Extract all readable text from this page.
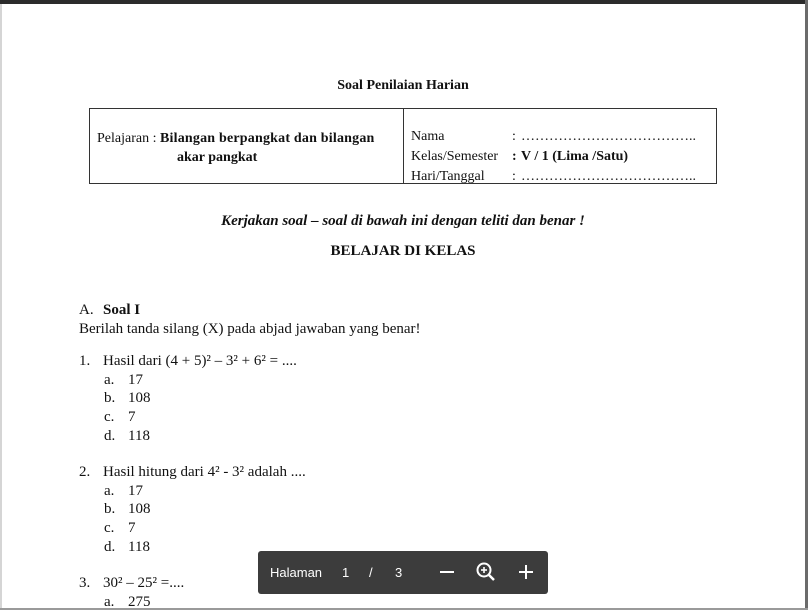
Soal Penilaian Harian
Pelajaran : Bilangan berpangkat dan bilangan
akar pangkat
Nama	: ………………………………..
Kelas/Semester : V / 1 (Lima /Satu)
Hari/Tanggal : ………………………………..
Kerjakan soal – soal di bawah ini dengan teliti dan benar !
BELAJAR DI KELAS
A. Soal I
Berilah tanda silang (X) pada abjad jawaban yang benar!
1. Hasil dari (4 + 5)² – 3² + 6² = ....
a. 17
b. 108
c. 7
d. 118
2. Hasil hitung dari 4² - 3² adalah ....
a. 17
b. 108
c. 7
d. 118
3. 30² – 25² =....
a. 275
Halaman 1 / 3
